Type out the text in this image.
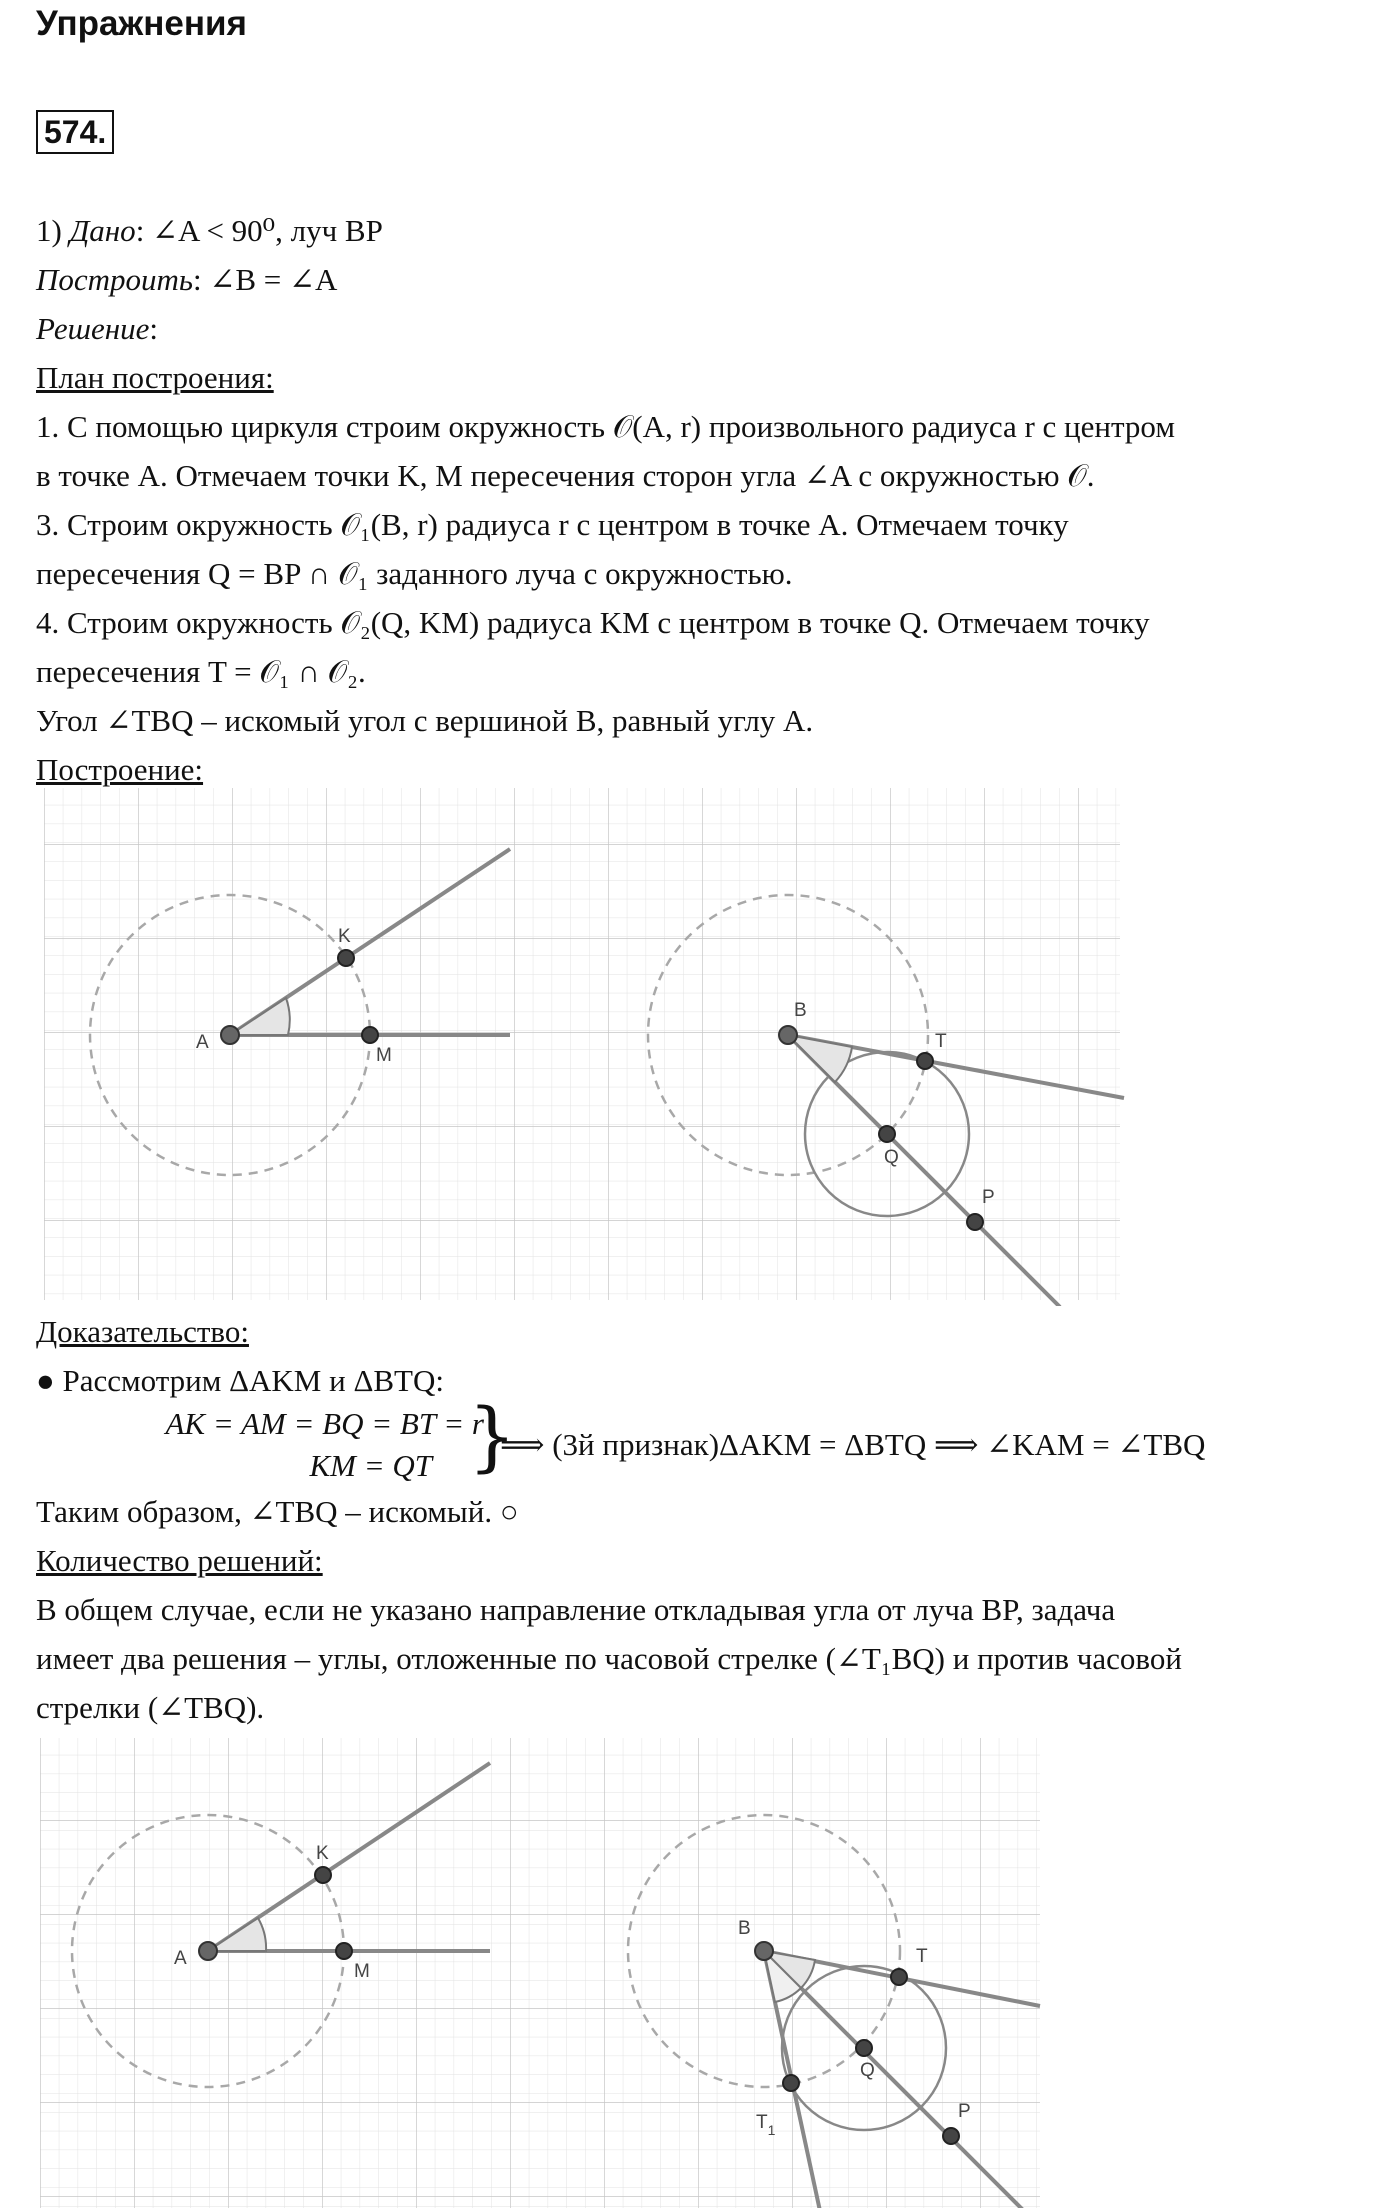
Упражнения
574.
1) Дано: ∠A < 90⁰, луч BP
Построить: ∠B = ∠A
Решение:
План построения:
1. С помощью циркуля строим окружность 𝒪(A, r) произвольного радиуса r с центром
в точке A. Отмечаем точки K, M пересечения сторон угла ∠A с окружностью 𝒪.
3. Строим окружность 𝒪₁(B, r) радиуса r с центром в точке A. Отмечаем точку
пересечения Q = BP ∩ 𝒪₁ заданного луча с окружностью.
4. Строим окружность 𝒪₂(Q, KM) радиуса KM с центром в точке Q. Отмечаем точку
пересечения T = 𝒪₁ ∩ 𝒪₂.
Угол ∠TBQ – искомый угол с вершиной B, равный углу A.
Построение:
A
K
M
B
T
Q
P
Доказательство:
● Рассмотрим ΔAKM и ΔBTQ:
AK = AM = BQ = BT = r
KM = QT }
⟹ (3й признак)ΔAKM = ΔBTQ ⟹ ∠KAM = ∠TBQ
Таким образом, ∠TBQ – искомый. ○
Количество решений:
В общем случае, если не указано направление откладывая угла от луча BP, задача
имеет два решения – углы, отложенные по часовой стрелке (∠T₁BQ) и против часовой
стрелки (∠TBQ).
A
K
M
B
T
Q
P
$T_1$
